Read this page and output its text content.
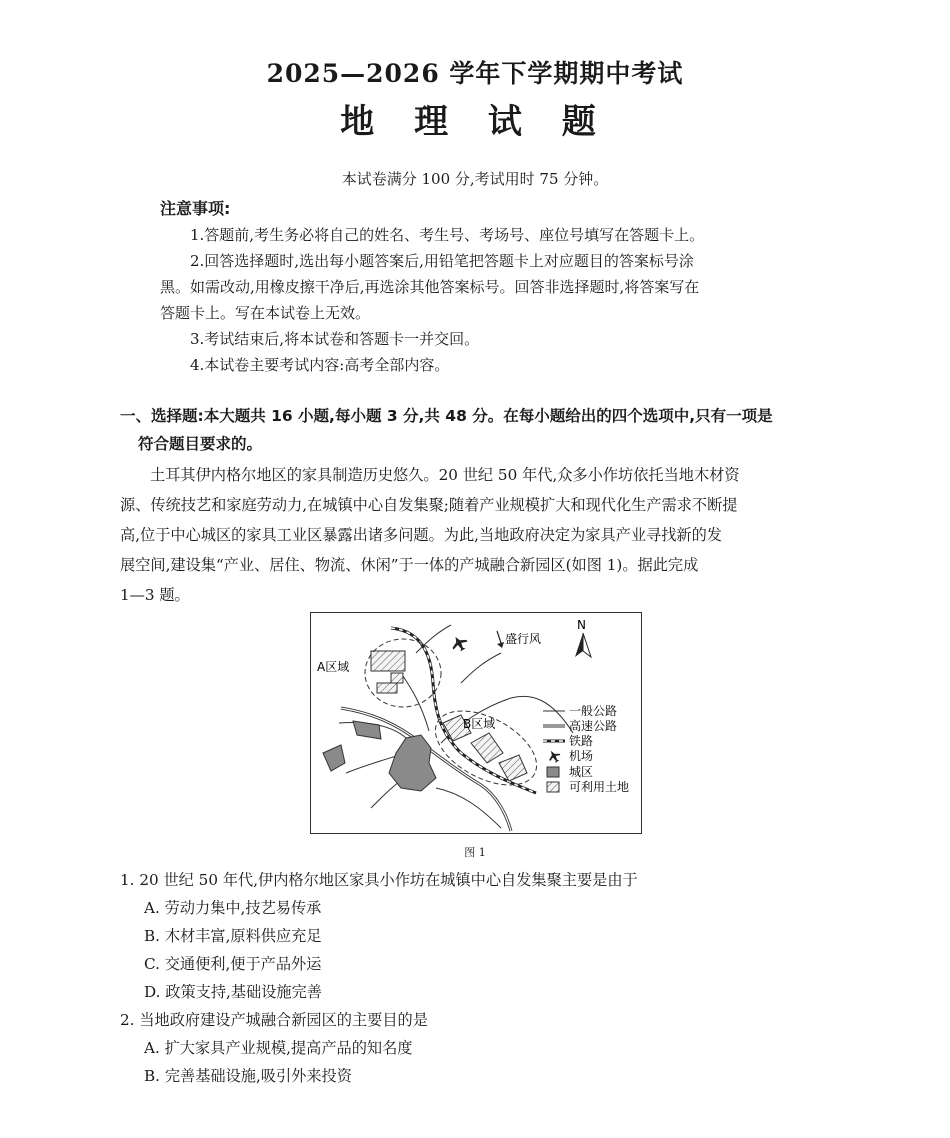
2025—2026 学年下学期期中考试
地 理 试 题
本试卷满分 100 分,考试用时 75 分钟。
注意事项:
1.答题前,考生务必将自己的姓名、考生号、考场号、座位号填写在答题卡上。
2.回答选择题时,选出每小题答案后,用铅笔把答题卡上对应题目的答案标号涂
黑。如需改动,用橡皮擦干净后,再选涂其他答案标号。回答非选择题时,将答案写在
答题卡上。写在本试卷上无效。
3.考试结束后,将本试卷和答题卡一并交回。
4.本试卷主要考试内容:高考全部内容。
一、选择题:本大题共 16 小题,每小题 3 分,共 48 分。在每小题给出的四个选项中,只有一项是
符合题目要求的。
土耳其伊内格尔地区的家具制造历史悠久。20 世纪 50 年代,众多小作坊依托当地木材资
源、传统技艺和家庭劳动力,在城镇中心自发集聚;随着产业规模扩大和现代化生产需求不断提
高,位于中心城区的家具工业区暴露出诸多问题。为此,当地政府决定为家具产业寻找新的发
展空间,建设集“产业、居住、物流、休闲”于一体的产城融合新园区(如图 1)。据此完成
1—3 题。
盛行风
N
A区域
B区域
一般公路
高速公路
铁路
机场
城区
可利用土地
图 1
1. 20 世纪 50 年代,伊内格尔地区家具小作坊在城镇中心自发集聚主要是由于
A. 劳动力集中,技艺易传承
B. 木材丰富,原料供应充足
C. 交通便利,便于产品外运
D. 政策支持,基础设施完善
2. 当地政府建设产城融合新园区的主要目的是
A. 扩大家具产业规模,提高产品的知名度
B. 完善基础设施,吸引外来投资
